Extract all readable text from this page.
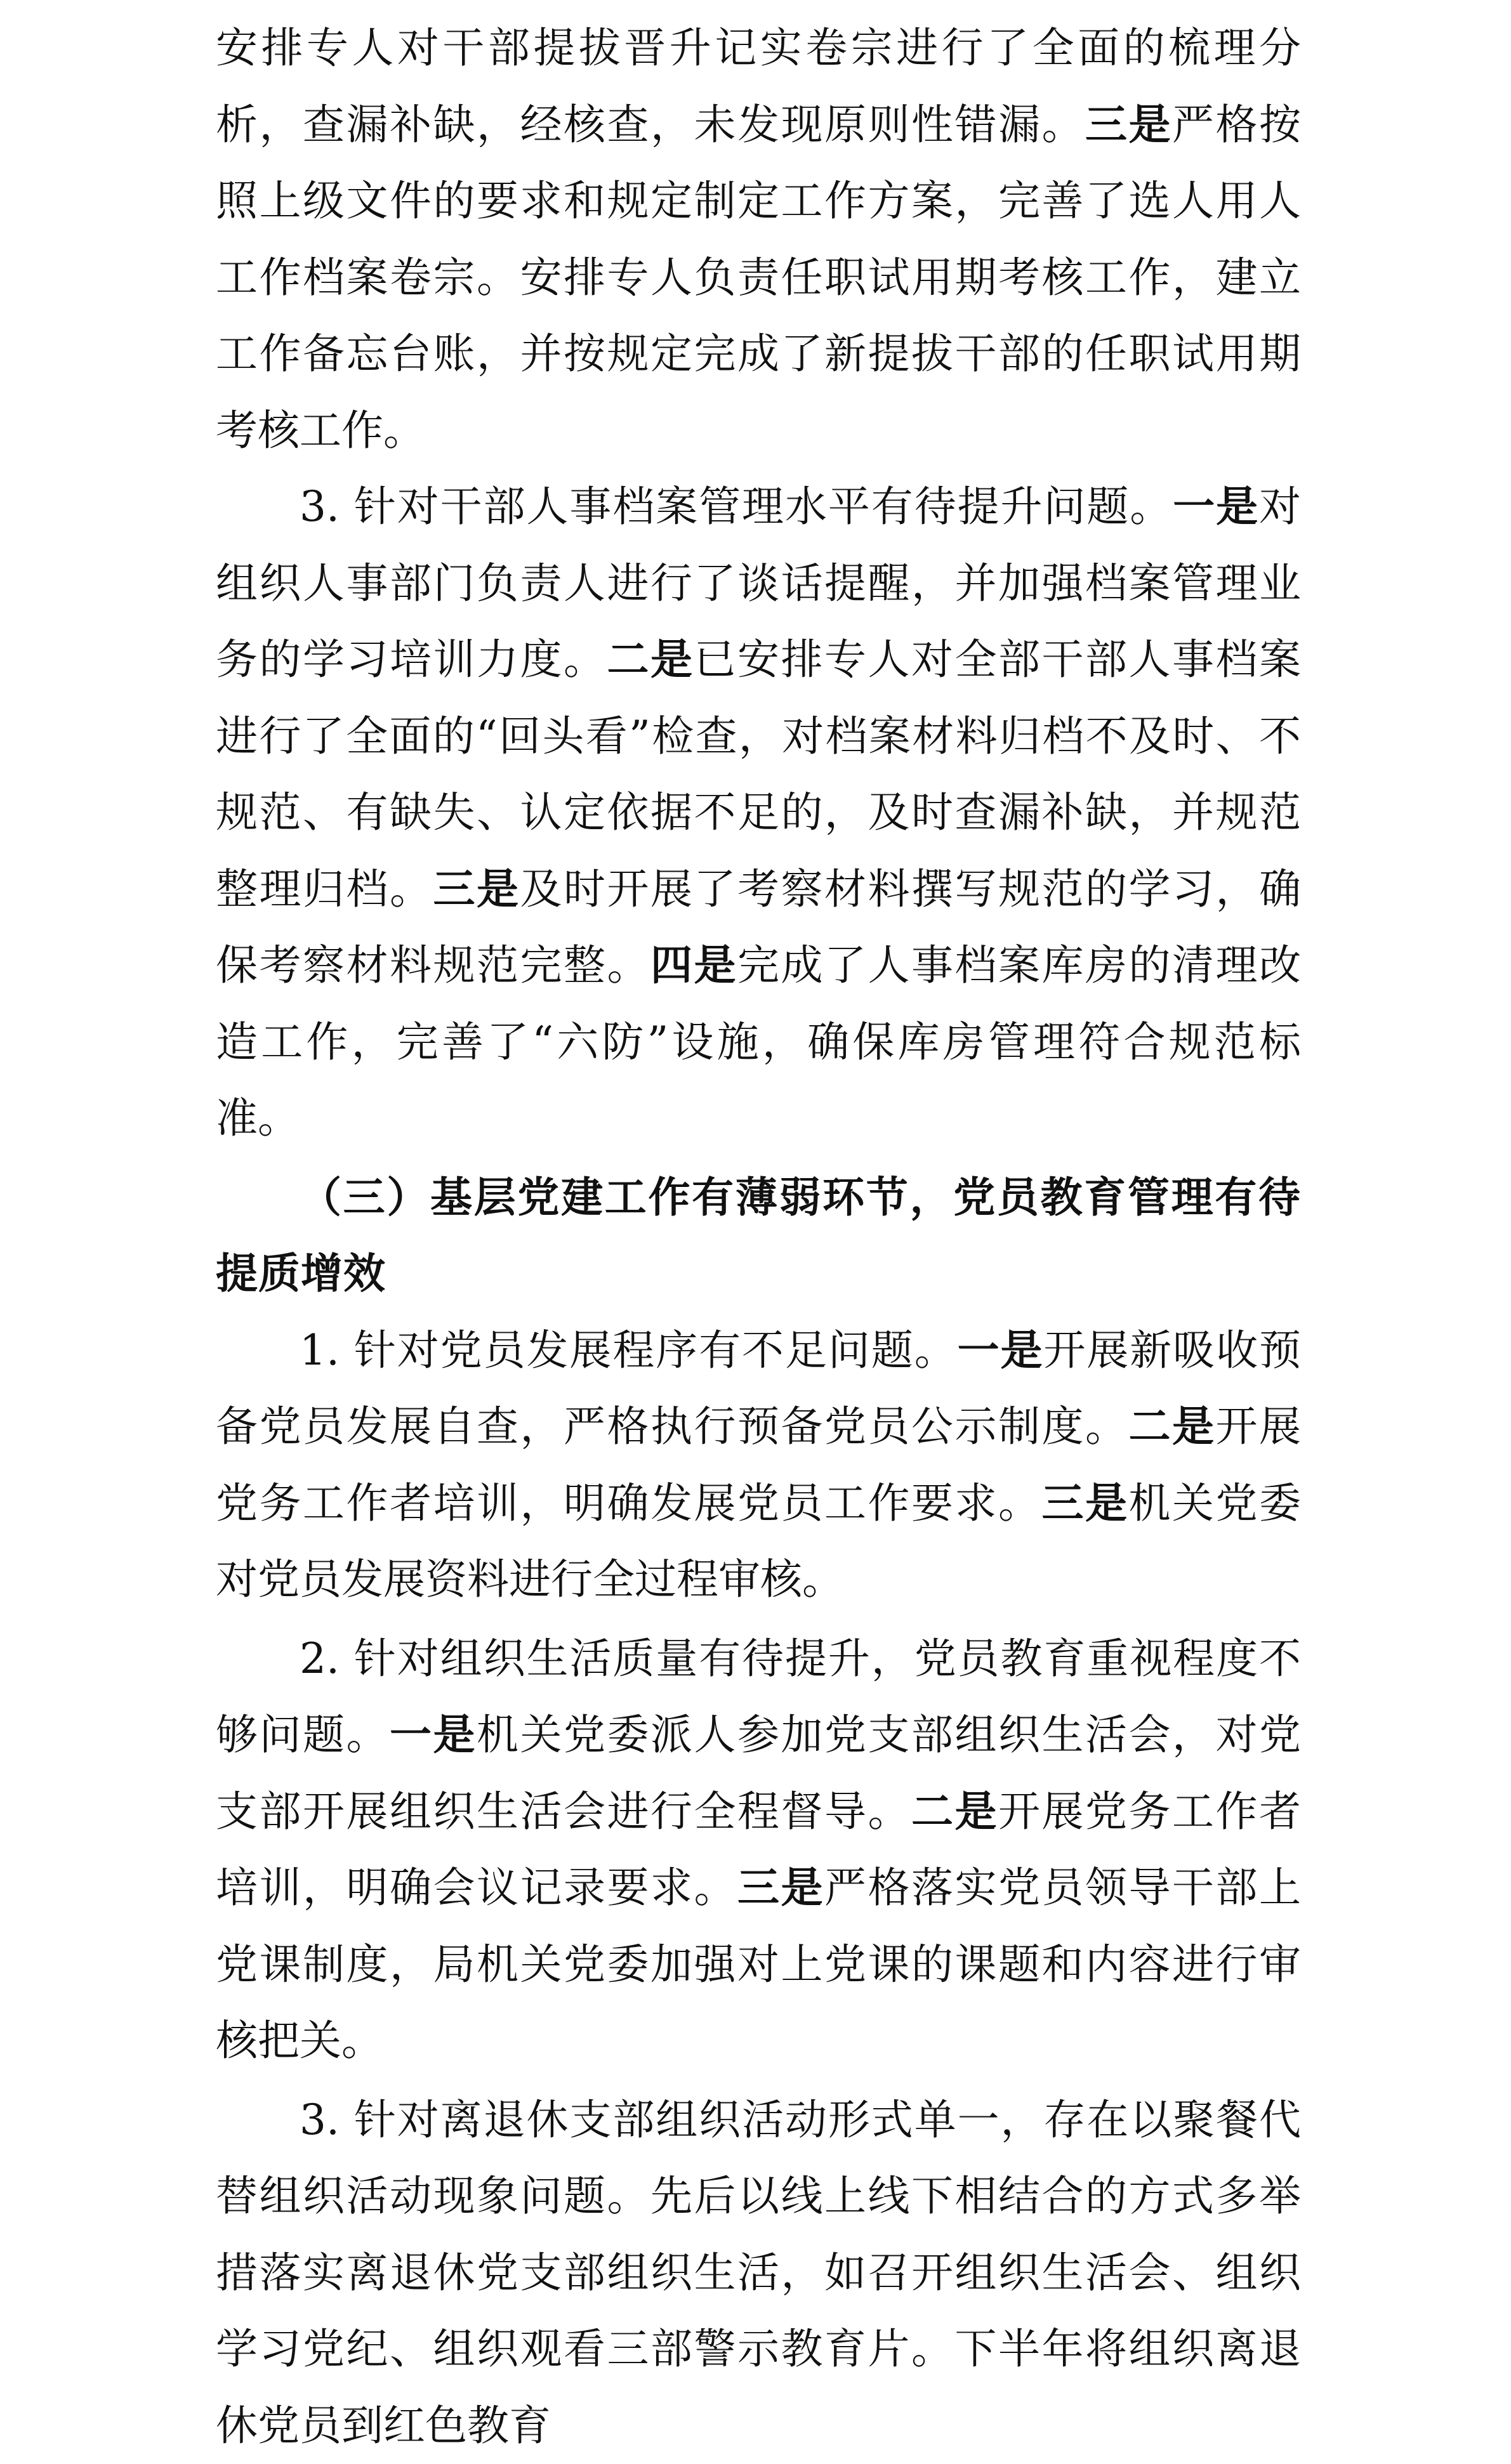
安排专人对干部提拔晋升记实卷宗进行了全面的梳理分析，查漏补缺，经核查，未发现原则性错漏。三是严格按照上级文件的要求和规定制定工作方案，完善了选人用人工作档案卷宗。安排专人负责任职试用期考核工作，建立工作备忘台账，并按规定完成了新提拔干部的任职试用期考核工作。

3. 针对干部人事档案管理水平有待提升问题。一是对组织人事部门负责人进行了谈话提醒，并加强档案管理业务的学习培训力度。二是已安排专人对全部干部人事档案进行了全面的“回头看”检查，对档案材料归档不及时、不规范、有缺失、认定依据不足的，及时查漏补缺，并规范整理归档。三是及时开展了考察材料撰写规范的学习，确保考察材料规范完整。四是完成了人事档案库房的清理改造工作，完善了“六防”设施，确保库房管理符合规范标准。

（三）基层党建工作有薄弱环节，党员教育管理有待提质增效

1. 针对党员发展程序有不足问题。一是开展新吸收预备党员发展自查，严格执行预备党员公示制度。二是开展党务工作者培训，明确发展党员工作要求。三是机关党委对党员发展资料进行全过程审核。

2. 针对组织生活质量有待提升，党员教育重视程度不够问题。一是机关党委派人参加党支部组织生活会，对党支部开展组织生活会进行全程督导。二是开展党务工作者培训，明确会议记录要求。三是严格落实党员领导干部上党课制度，局机关党委加强对上党课的课题和内容进行审核把关。

3. 针对离退休支部组织活动形式单一，存在以聚餐代替组织活动现象问题。先后以线上线下相结合的方式多举措落实离退休党支部组织生活，如召开组织生活会、组织学习党纪、组织观看三部警示教育片。下半年将组织离退休党员到红色教育
